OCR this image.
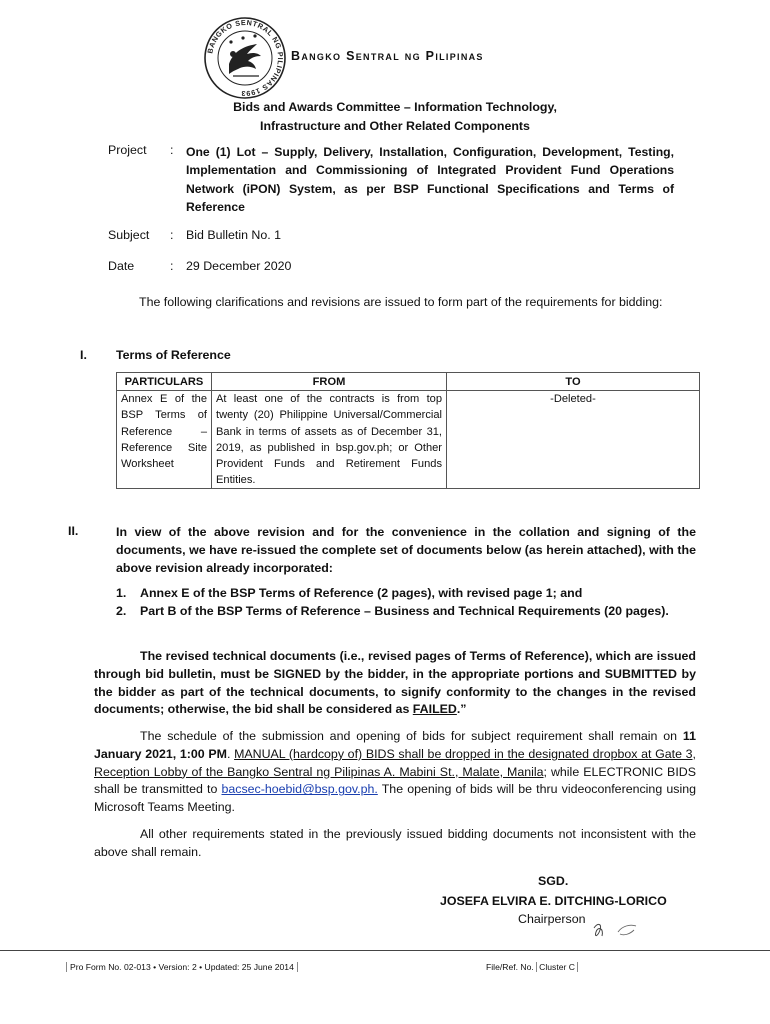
BANGKO SENTRAL NG PILIPINAS 1993
Bangko Sentral ng Pilipinas
Bids and Awards Committee – Information Technology,
Infrastructure and Other Related Components
Project : One (1) Lot – Supply, Delivery, Installation, Configuration, Development, Testing, Implementation and Commissioning of Integrated Provident Fund Operations Network (iPON) System, as per BSP Functional Specifications and Terms of Reference
Subject : Bid Bulletin No. 1
Date	: 29 December 2020

The following clarifications and revisions are issued to form part of the requirements for bidding:

I. Terms of Reference
PARTICULARS	FROM	TO
Annex E of the BSP Terms of Reference – Reference Site Worksheet	At least one of the contracts is from top twenty (20) Philippine Universal/Commercial Bank in terms of assets as of December 31, 2019, as published in bsp.gov.ph; or Other Provident Funds and Retirement Funds Entities.	-Deleted-
II.	In view of the above revision and for the convenience in the collation and signing of the documents, we have re-issued the complete set of documents below (as herein attached), with the above revision already incorporated:

1. Annex E of the BSP Terms of Reference (2 pages), with revised page 1; and
2. Part B of the BSP Terms of Reference – Business and Technical Requirements (20 pages).

The revised technical documents (i.e., revised pages of Terms of Reference), which are issued through bid bulletin, must be SIGNED by the bidder, in the appropriate portions and SUBMITTED by the bidder as part of the technical documents, to signify conformity to the changes in the revised documents; otherwise, the bid shall be considered as FAILED.”

The schedule of the submission and opening of bids for subject requirement shall remain on 11 January 2021, 1:00 PM. MANUAL (hardcopy of) BIDS shall be dropped in the designated dropbox at Gate 3, Reception Lobby of the Bangko Sentral ng Pilipinas A. Mabini St., Malate, Manila; while ELECTRONIC BIDS shall be transmitted to bacsec-hoebid@bsp.gov.ph. The opening of bids will be thru videoconferencing using Microsoft Teams Meeting.

All other requirements stated in the previously issued bidding documents not inconsistent with the above shall remain.

SGD.
JOSEFA ELVIRA E. DITCHING-LORICO
Chairperson
Pro Form No. 02-013 • Version: 2 • Updated: 25 June 2014	File/Ref. No. Cluster C
